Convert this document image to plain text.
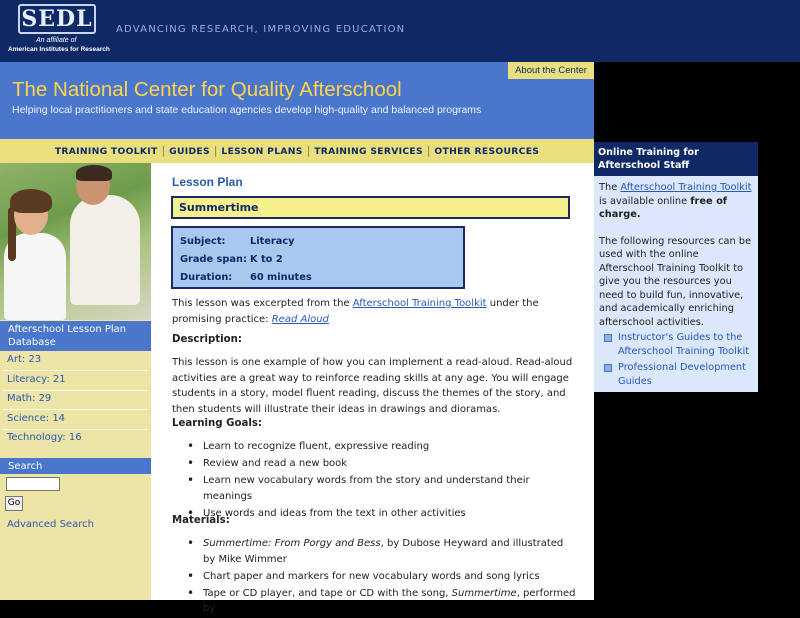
SEDL
An affiliate of
American Institutes for Research
ADVANCING RESEARCH, IMPROVING EDUCATION
The National Center for Quality Afterschool
Helping local practitioners and state education agencies develop high-quality and balanced programs
About the Center
TRAINING TOOLKIT | GUIDES | LESSON PLANS | TRAINING SERVICES | OTHER RESOURCES
Afterschool Lesson Plan Database
Art: 23
Literacy: 21
Math: 29
Science: 14
Technology: 16
Search
Go
Advanced Search
Lesson Plan
Summertime
Subject:	Literacy
Grade span: K to 2
Duration: 60 minutes
This lesson was excerpted from the Afterschool Training Toolkit under the promising practice: Read Aloud
Description:
This lesson is one example of how you can implement a read-aloud. Read-aloud activities are a great way to reinforce reading skills at any age. You will engage students in a story, model fluent reading, discuss the themes of the story, and then students will illustrate their ideas in drawings and dioramas.
Learning Goals:
• Learn to recognize fluent, expressive reading
• Review and read a new book
• Learn new vocabulary words from the story and understand their meanings
• Use words and ideas from the text in other activities
Materials:
• Summertime: From Porgy and Bess, by Dubose Heyward and illustrated by Mike Wimmer
• Chart paper and markers for new vocabulary words and song lyrics
• Tape or CD player, and tape or CD with the song, Summertime, performed by
Online Training for Afterschool Staff
The Afterschool Training Toolkit is available online free of charge.
The following resources can be used with the online Afterschool Training Toolkit to give you the resources you need to build fun, innovative, and academically enriching afterschool activities.
Instructor's Guides to the Afterschool Training Toolkit
Professional Development Guides
